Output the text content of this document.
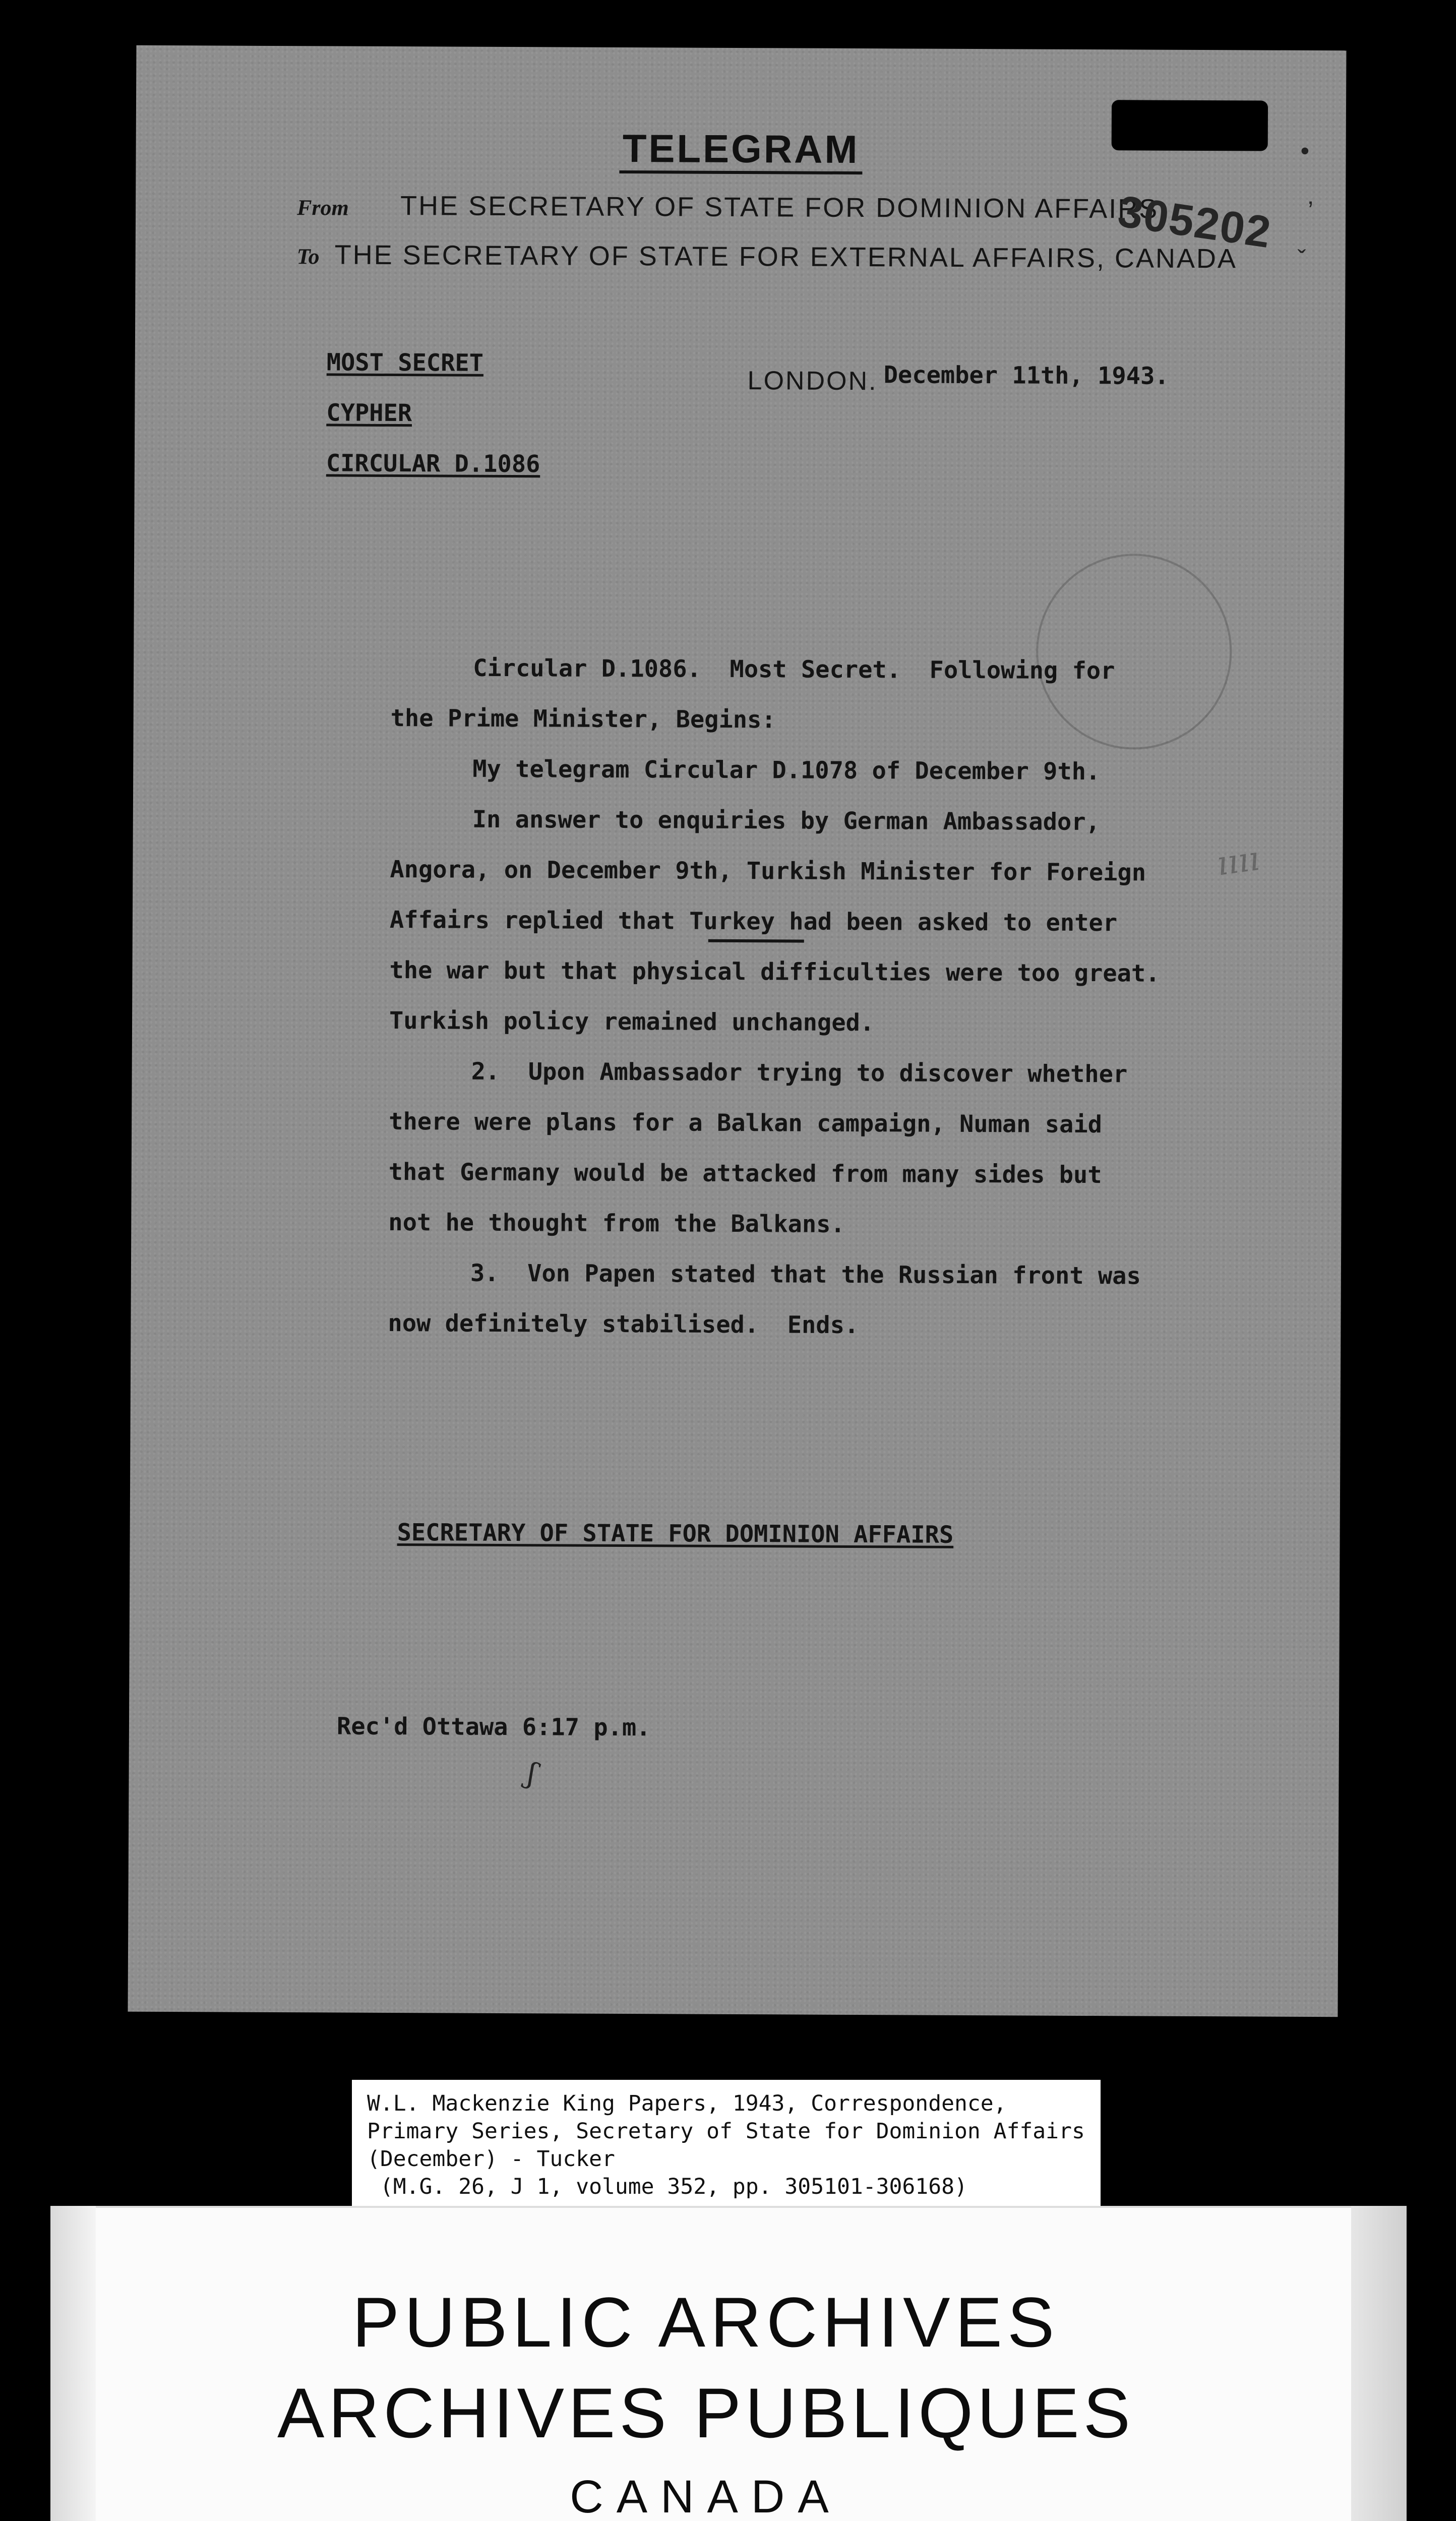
•
ʼ
ˇ
TELEGRAM
From THE SECRETARY OF STATE FOR DOMINION AFFAIRS
305202
To THE SECRETARY OF STATE FOR EXTERNAL AFFAIRS, CANADA
MOST SECRET
CYPHER
CIRCULAR D.1086
LONDON. December 11th, 1943.
ıııı
Circular D.1086.  Most Secret.  Following for
the Prime Minister, Begins:
My telegram Circular D.1078 of December 9th.
In answer to enquiries by German Ambassador,
Angora, on December 9th, Turkish Minister for Foreign
Affairs replied that Turkey had been asked to enter
the war but that physical difficulties were too great.
Turkish policy remained unchanged.
2.  Upon Ambassador trying to discover whether
there were plans for a Balkan campaign, Numan said
that Germany would be attacked from many sides but
not he thought from the Balkans.
3.  Von Papen stated that the Russian front was
now definitely stabilised.  Ends.
SECRETARY OF STATE FOR DOMINION AFFAIRS
Rec'd Ottawa 6:17 p.m.
ʃ
W.L. Mackenzie King Papers, 1943, Correspondence,
Primary Series, Secretary of State for Dominion Affairs
(December) - Tucker
(M.G. 26, J 1, volume 352, pp. 305101-306168)
PUBLIC ARCHIVES
ARCHIVES PUBLIQUES
CANADA
